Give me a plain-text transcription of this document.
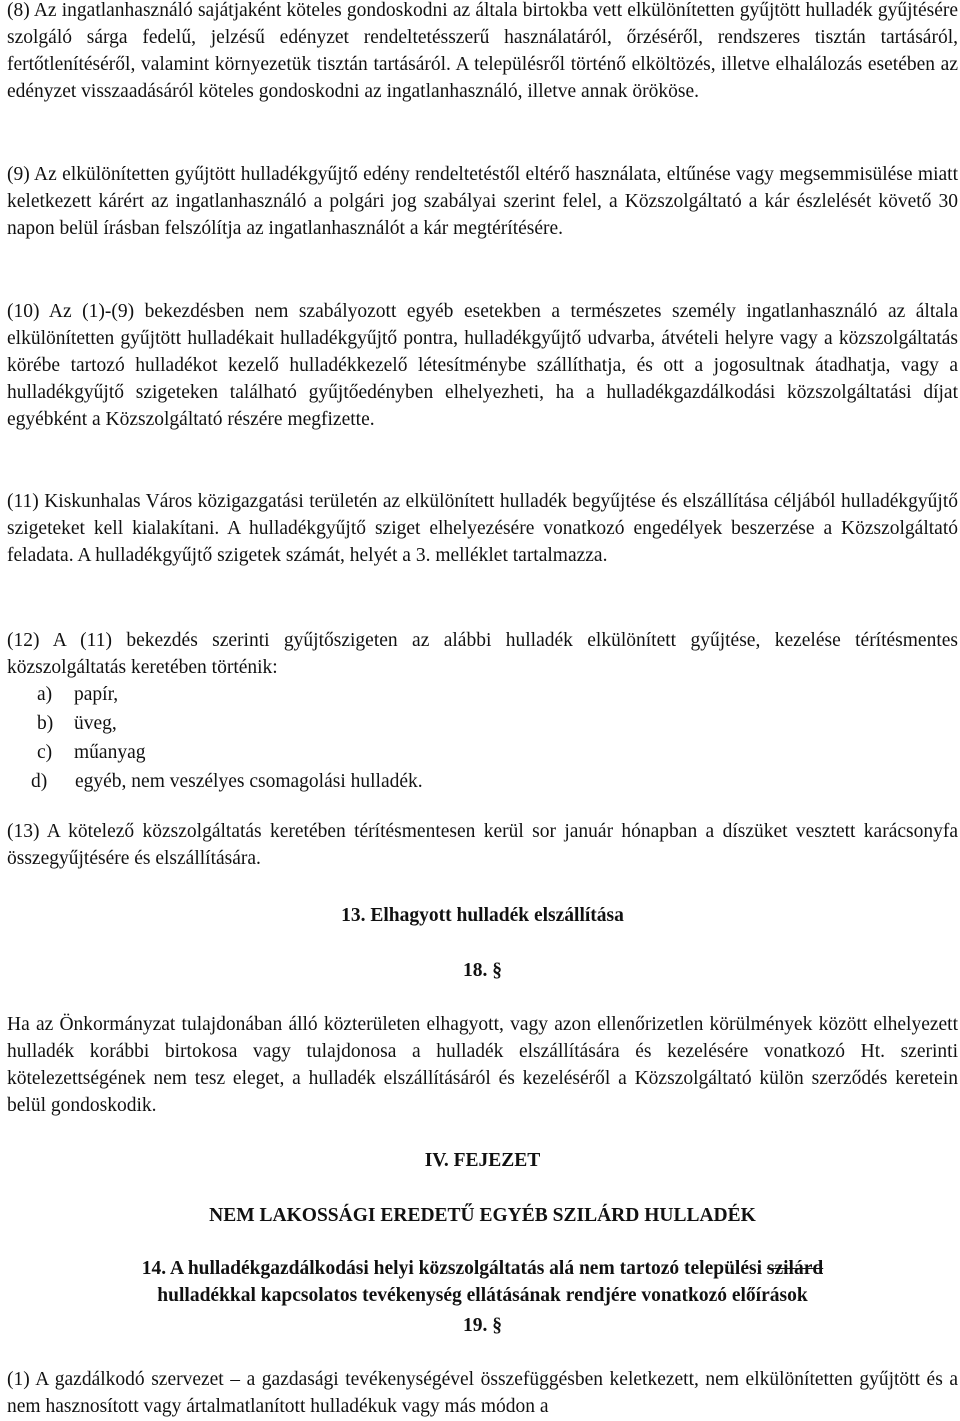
(8) Az ingatlanhasználó sajátjaként köteles gondoskodni az általa birtokba vett elkülönítetten gyűjtött hulladék gyűjtésére szolgáló sárga fedelű, jelzésű edényzet rendeltetésszerű használatáról, őrzéséről, rendszeres tisztán tartásáról, fertőtlenítéséről, valamint környezetük tisztán tartásáról. A településről történő elköltözés, illetve elhalálozás esetében az edényzet visszaadásáról köteles gondoskodni az ingatlanhasználó, illetve annak örököse.

(9) Az elkülönítetten gyűjtött hulladékgyűjtő edény rendeltetéstől eltérő használata, eltűnése vagy megsemmisülése miatt keletkezett kárért az ingatlanhasználó a polgári jog szabályai szerint felel, a Közszolgáltató a kár észlelését követő 30 napon belül írásban felszólítja az ingatlanhasználót a kár megtérítésére.

(10) Az (1)-(9) bekezdésben nem szabályozott egyéb esetekben a természetes személy ingatlanhasználó az általa elkülönítetten gyűjtött hulladékait hulladékgyűjtő pontra, hulladékgyűjtő udvarba, átvételi helyre vagy a közszolgáltatás körébe tartozó hulladékot kezelő hulladékkezelő létesítménybe szállíthatja, és ott a jogosultnak átadhatja, vagy a hulladékgyűjtő szigeteken található gyűjtőedényben elhelyezheti, ha a hulladékgazdálkodási közszolgáltatási díjat egyébként a Közszolgáltató részére megfizette.

(11) Kiskunhalas Város közigazgatási területén az elkülönített hulladék begyűjtése és elszállítása céljából hulladékgyűjtő szigeteket kell kialakítani. A hulladékgyűjtő sziget elhelyezésére vonatkozó engedélyek beszerzése a Közszolgáltató feladata. A hulladékgyűjtő szigetek számát, helyét a 3. melléklet tartalmazza.

(12) A (11) bekezdés szerinti gyűjtőszigeten az alábbi hulladék elkülönített gyűjtése, kezelése térítésmentes közszolgáltatás keretében történik:

a) papír,
b) üveg,
c) műanyag
d) egyéb, nem veszélyes csomagolási hulladék.

(13) A kötelező közszolgáltatás keretében térítésmentesen kerül sor január hónapban a díszüket vesztett karácsonyfa összegyűjtésére és elszállítására.

13. Elhagyott hulladék elszállítása

18. §

Ha az Önkormányzat tulajdonában álló közterületen elhagyott, vagy azon ellenőrizetlen körülmények között elhelyezett hulladék korábbi birtokosa vagy tulajdonosa a hulladék elszállítására és kezelésére vonatkozó Ht. szerinti kötelezettségének nem tesz eleget, a hulladék elszállításáról és kezeléséről a Közszolgáltató külön szerződés keretein belül gondoskodik.

IV. FEJEZET

NEM LAKOSSÁGI EREDETŰ EGYÉB SZILÁRD HULLADÉK

14. A hulladékgazdálkodási helyi közszolgáltatás alá nem tartozó települési szilárd
hulladékkal kapcsolatos tevékenység ellátásának rendjére vonatkozó előírások

19. §

(1) A gazdálkodó szervezet – a gazdasági tevékenységével összefüggésben keletkezett, nem elkülönítetten gyűjtött és a nem hasznosított vagy ártalmatlanított hulladékuk vagy más módon a
